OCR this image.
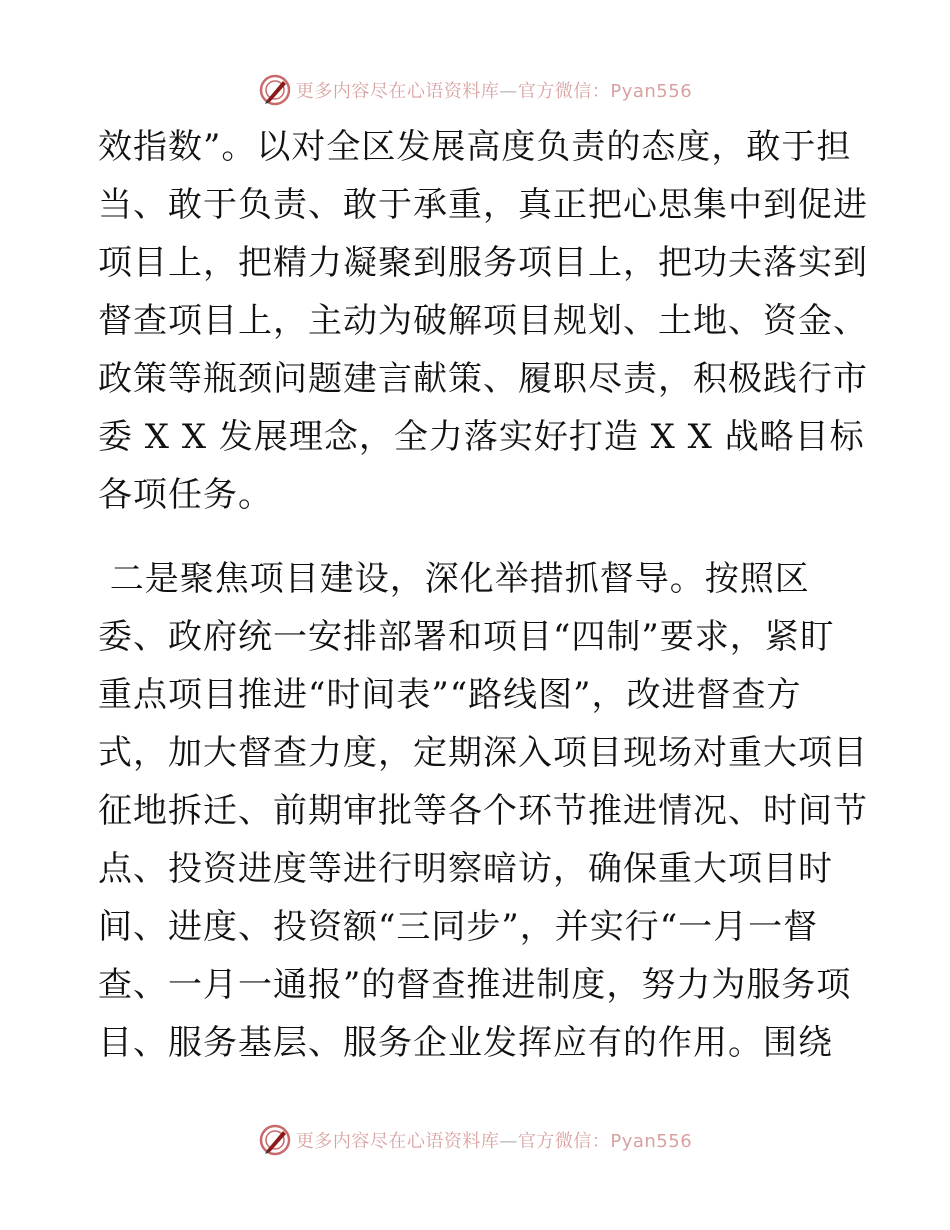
更多内容尽在心语资料库—官方微信：Pyan556
效指数”。以对全区发展高度负责的态度，敢于担
当、敢于负责、敢于承重，真正把心思集中到促进
项目上，把精力凝聚到服务项目上，把功夫落实到
督查项目上，主动为破解项目规划、土地、资金、
政策等瓶颈问题建言献策、履职尽责，积极践行市
委 X X 发展理念，全力落实好打造 X X 战略目标
各项任务。
二是聚焦项目建设，深化举措抓督导。按照区
委、政府统一安排部署和项目“四制”要求，紧盯
重点项目推进“时间表”“路线图”，改进督查方
式，加大督查力度，定期深入项目现场对重大项目
征地拆迁、前期审批等各个环节推进情况、时间节
点、投资进度等进行明察暗访，确保重大项目时
间、进度、投资额“三同步”，并实行“一月一督
查、一月一通报”的督查推进制度，努力为服务项
目、服务基层、服务企业发挥应有的作用。围绕
更多内容尽在心语资料库—官方微信：Pyan556
